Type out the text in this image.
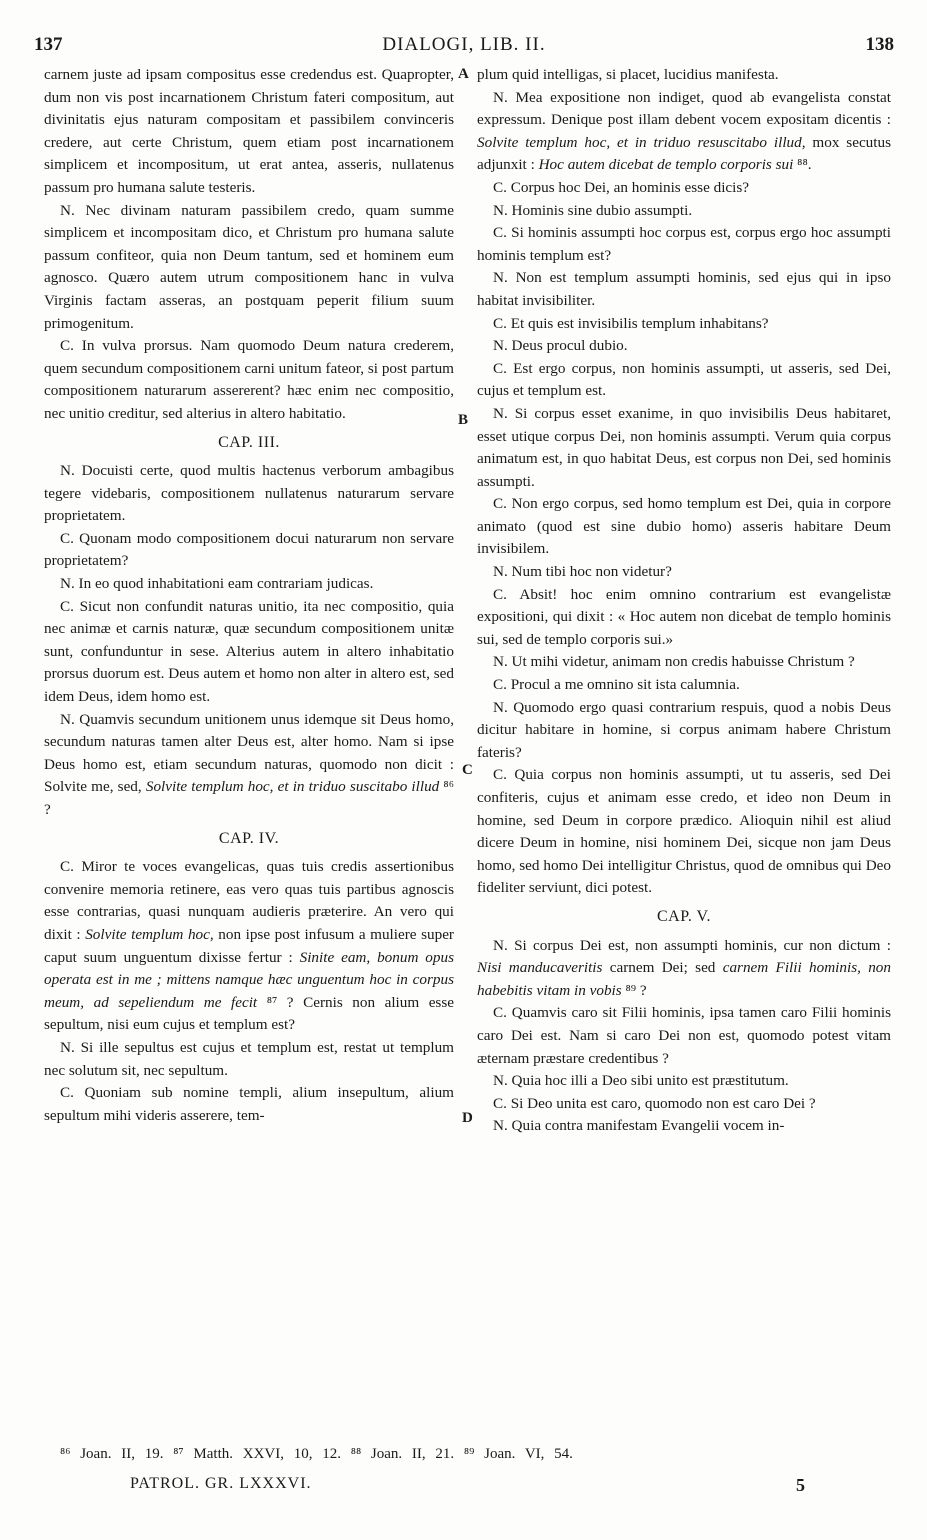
137	DIALOGI, LIB. II.	138

carnem juste ad ipsam compositus esse credendus est. Quapropter, dum non vis post incarnationem Christum fateri compositum, aut divinitatis ejus naturam compositam et passibilem convinceris credere, aut certe Christum, quem etiam post incarnationem simplicem et incompositum, ut erat antea, asseris, nullatenus passum pro humana salute testeris.

N. Nec divinam naturam passibilem credo, quam summe simplicem et incompositam dico, et Christum pro humana salute passum confiteor, quia non Deum tantum, sed et hominem eum agnosco. Quæro autem utrum compositionem hanc in vulva Virginis factam asseras, an postquam peperit filium suum primogenitum.

C. In vulva prorsus. Nam quomodo Deum natura crederem, quem secundum compositionem carni unitum fateor, si post partum compositionem naturarum assererent? hæc enim nec compositio, nec unitio creditur, sed alterius in altero habitatio.

CAP. III.

N. Docuisti certe, quod multis hactenus verborum ambagibus tegere videbaris, compositionem nullatenus naturarum servare proprietatem.

C. Quonam modo compositionem docui naturarum non servare proprietatem?

N. In eo quod inhabitationi eam contrariam judicas.

C. Sicut non confundit naturas unitio, ita nec compositio, quia nec animæ et carnis naturæ, quæ secundum compositionem unitæ sunt, confunduntur in sese. Alterius autem in altero inhabitatio prorsus duorum est. Deus autem et homo non alter in altero est, sed idem Deus, idem homo est.

N. Quamvis secundum unitionem unus idemque sit Deus homo, secundum naturas tamen alter Deus est, alter homo. Nam si ipse Deus homo est, etiam secundum naturas, quomodo non dicit : Solvite me, sed, Solvite templum hoc, et in triduo suscitabo illud ⁸⁶ ?

CAP. IV.

C. Miror te voces evangelicas, quas tuis credis assertionibus convenire memoria retinere, eas vero quas tuis partibus agnoscis esse contrarias, quasi nunquam audieris præterire. An vero qui dixit : Solvite templum hoc, non ipse post infusum a muliere super caput suum unguentum dixisse fertur : Sinite eam, bonum opus operata est in me ; mittens namque hæc unguentum hoc in corpus meum, ad sepeliendum me fecit ⁸⁷ ? Cernis non alium esse sepultum, nisi eum cujus et templum est?

N. Si ille sepultus est cujus et templum est, restat ut templum nec solutum sit, nec sepultum.

C. Quoniam sub nomine templi, alium insepultum, alium sepultum mihi videris asserere, tem-

plum quid intelligas, si placet, lucidius manifesta.

N. Mea expositione non indiget, quod ab evangelista constat expressum. Denique post illam debent vocem expositam dicentis : Solvite templum hoc, et in triduo resuscitabo illud, mox secutus adjunxit : Hoc autem dicebat de templo corporis sui ⁸⁸.

C. Corpus hoc Dei, an hominis esse dicis?

N. Hominis sine dubio assumpti.

C. Si hominis assumpti hoc corpus est, corpus ergo hoc assumpti hominis templum est?

N. Non est templum assumpti hominis, sed ejus qui in ipso habitat invisibiliter.

C. Et quis est invisibilis templum inhabitans?

N. Deus procul dubio.

C. Est ergo corpus, non hominis assumpti, ut asseris, sed Dei, cujus et templum est.

N. Si corpus esset exanime, in quo invisibilis Deus habitaret, esset utique corpus Dei, non hominis assumpti. Verum quia corpus animatum est, in quo habitat Deus, est corpus non Dei, sed hominis assumpti.

C. Non ergo corpus, sed homo templum est Dei, quia in corpore animato (quod est sine dubio homo) asseris habitare Deum invisibilem.

N. Num tibi hoc non videtur?

C. Absit! hoc enim omnino contrarium est evangelistæ expositioni, qui dixit : « Hoc autem non dicebat de templo hominis sui, sed de templo corporis sui.»

N. Ut mihi videtur, animam non credis habuisse Christum ?

C. Procul a me omnino sit ista calumnia.

N. Quomodo ergo quasi contrarium respuis, quod a nobis Deus dicitur habitare in homine, si corpus animam habere Christum fateris?

C. Quia corpus non hominis assumpti, ut tu asseris, sed Dei confiteris, cujus et animam esse credo, et ideo non Deum in homine, sed Deum in corpore prædico. Alioquin nihil est aliud dicere Deum in homine, nisi hominem Dei, sicque non jam Deus homo, sed homo Dei intelligitur Christus, quod de omnibus qui Deo fideliter serviunt, dici potest.

CAP. V.

N. Si corpus Dei est, non assumpti hominis, cur non dictum : Nisi manducaveritis carnem Dei; sed carnem Filii hominis, non habebitis vitam in vobis ⁸⁹ ?

C. Quamvis caro sit Filii hominis, ipsa tamen caro Filii hominis caro Dei est. Nam si caro Dei non est, quomodo potest vitam æternam præstare credentibus ?

N. Quia hoc illi a Deo sibi unito est præstitutum.

C. Si Deo unita est caro, quomodo non est caro Dei ?

N. Quia contra manifestam Evangelii vocem in-

A
B
C
D
⁸⁶ Joan. II, 19. ⁸⁷ Matth. XXVI, 10, 12. ⁸⁸ Joan. II, 21. ⁸⁹ Joan. VI, 54.
PATROL. GR. LXXXVI.	5
